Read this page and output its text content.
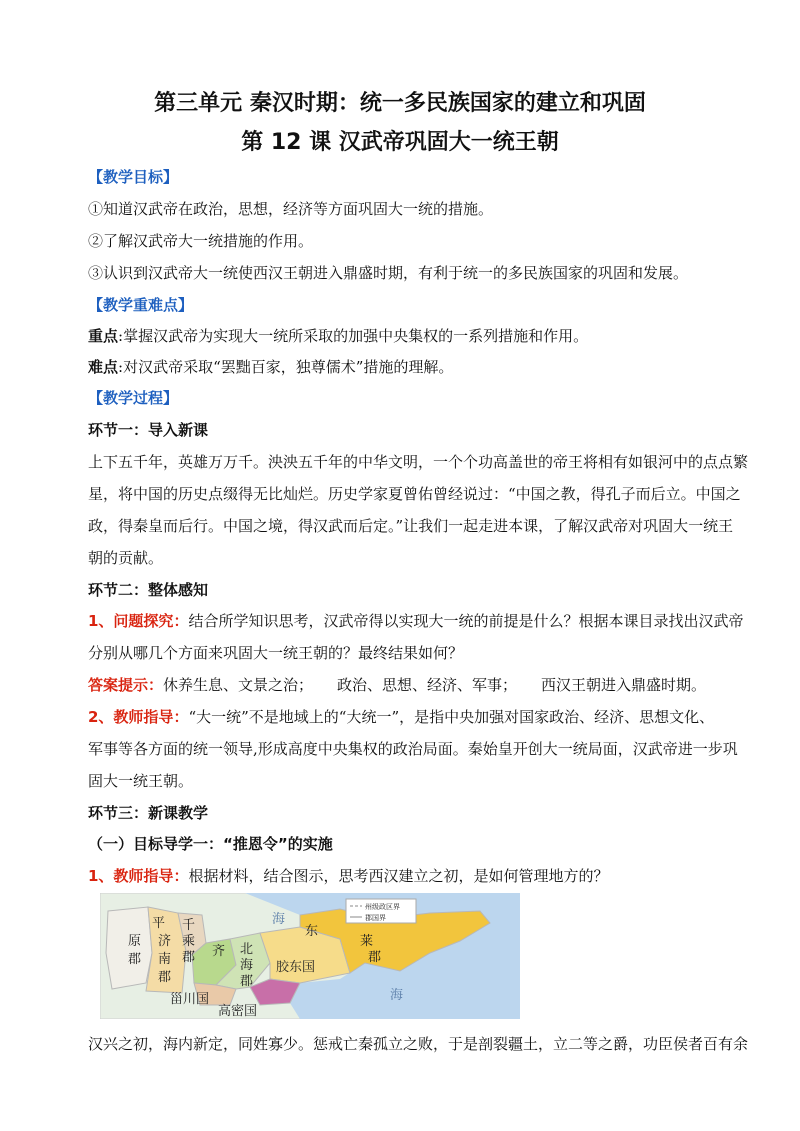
第三单元 秦汉时期：统一多民族国家的建立和巩固
第 12 课 汉武帝巩固大一统王朝
【教学目标】
①知道汉武帝在政治，思想，经济等方面巩固大一统的措施。
②了解汉武帝大一统措施的作用。
③认识到汉武帝大一统使西汉王朝进入鼎盛时期，有利于统一的多民族国家的巩固和发展。
【教学重难点】
重点:掌握汉武帝为实现大一统所采取的加强中央集权的一系列措施和作用。
难点:对汉武帝采取“罢黜百家，独尊儒术”措施的理解。
【教学过程】
环节一：导入新课
上下五千年，英雄万万千。泱泱五千年的中华文明，一个个功高盖世的帝王将相有如银河中的点点繁
星，将中国的历史点缀得无比灿烂。历史学家夏曾佑曾经说过：“中国之教，得孔子而后立。中国之
政，得秦皇而后行。中国之境，得汉武而后定。”让我们一起走进本课，了解汉武帝对巩固大一统王
朝的贡献。
环节二：整体感知
1、问题探究：结合所学知识思考，汉武帝得以实现大一统的前提是什么？根据本课目录找出汉武帝
分别从哪几个方面来巩固大一统王朝的？最终结果如何？
答案提示：休养生息、文景之治； 政治、思想、经济、军事； 西汉王朝进入鼎盛时期。
2、教师指导：“大一统”不是地域上的“大统一”，是指中央加强对国家政治、经济、思想文化、
军事等各方面的统一领导,形成高度中央集权的政治局面。秦始皇开创大一统局面，汉武帝进一步巩
固大一统王朝。
环节三：新课教学
（一）目标导学一：“推恩令”的实施
1、教师指导：根据材料，结合图示，思考西汉建立之初，是如何管理地方的？
州级政区界
郡国界
平
原
郡
济
南
郡
千
乘
郡 齐 北
海
郡
胶东国
东
莱
郡
甾川国
高密国
海
海
汉兴之初，海内新定，同姓寡少。惩戒亡秦孤立之败，于是剖裂疆土，立二等之爵，功臣侯者百有余
